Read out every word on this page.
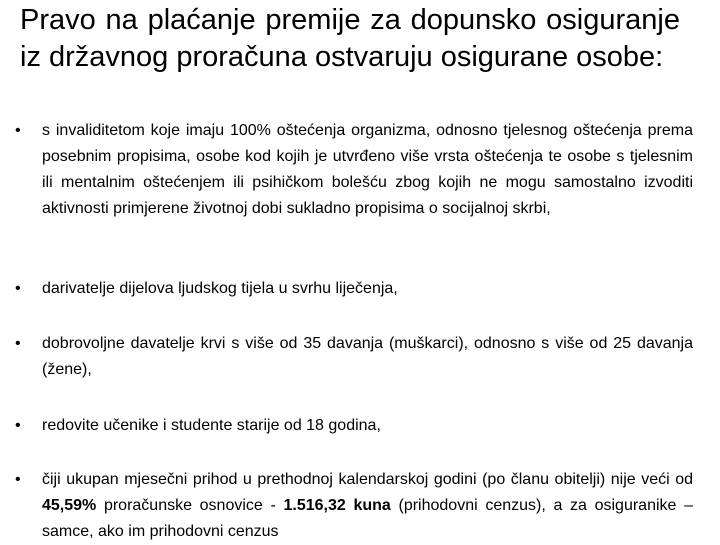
Pravo na plaćanje premije za dopunsko osiguranje iz državnog proračuna ostvaruju osigurane osobe:
• s invaliditetom koje imaju 100% oštećenja organizma, odnosno tjelesnog oštećenja prema posebnim propisima, osobe kod kojih je utvrđeno više vrsta oštećenja te osobe s tjelesnim ili mentalnim oštećenjem ili psihičkom bolešću zbog kojih ne mogu samostalno izvoditi aktivnosti primjerene životnoj dobi sukladno propisima o socijalnoj skrbi,

• darivatelje dijelova ljudskog tijela u svrhu liječenja,

• dobrovoljne davatelje krvi s više od 35 davanja (muškarci), odnosno s više od 25 davanja (žene),

• redovite učenike i studente starije od 18 godina,

• čiji ukupan mjesečni prihod u prethodnoj kalendarskoj godini (po članu obitelji) nije veći od 45,59% proračunske osnovice - 1.516,32 kuna (prihodovni cenzus), a za osiguranike – samce, ako im prihodovni cenzus
